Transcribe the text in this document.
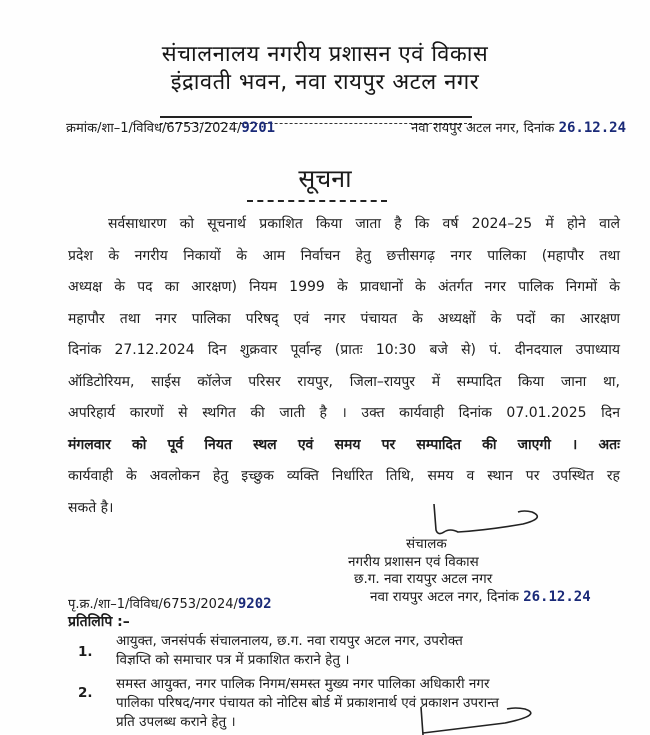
संचालनालय नगरीय प्रशासन एवं विकास
इंद्रावती भवन, नवा रायपुर अटल नगर
क्रमांक/शा–1/विविध/6753/2024/9201	नवा रायपुर अटल नगर, दिनांक 26.12.24
सूचना
सर्वसाधारण को सूचनार्थ प्रकाशित किया जाता है कि वर्ष 2024–25 में होने वाले
प्रदेश के नगरीय निकायों के आम निर्वाचन हेतु छत्तीसगढ़ नगर पालिका (महापौर तथा
अध्यक्ष के पद का आरक्षण) नियम 1999 के प्रावधानों के अंतर्गत नगर पालिक निगमों के
महापौर तथा नगर पालिका परिषद् एवं नगर पंचायत के अध्यक्षों के पदों का आरक्षण
दिनांक 27.12.2024 दिन शुक्रवार पूर्वान्ह (प्रातः 10:30 बजे से) पं. दीनदयाल उपाध्याय
ऑडिटोरियम, साईस कॉलेज परिसर रायपुर, जिला–रायपुर में सम्पादित किया जाना था,
अपरिहार्य कारणों से स्थगित की जाती है । उक्त कार्यवाही दिनांक 07.01.2025 दिन
मंगलवार को पूर्व नियत स्थल एवं समय पर सम्पादित की जाएगी । अतः
कार्यवाही के अवलोकन हेतु इच्छुक व्यक्ति निर्धारित तिथि, समय व स्थान पर उपस्थित रह
सकते है।
संचालक
नगरीय प्रशासन एवं विकास
छ.ग. नवा रायपुर अटल नगर
नवा रायपुर अटल नगर, दिनांक 26.12.24
पृ.क्र./शा–1/विविध/6753/2024/9202
प्रतिलिपि :–
1.
आयुक्त, जनसंपर्क संचालनालय, छ.ग. नवा रायपुर अटल नगर, उपरोक्त
विज्ञप्ति को समाचार पत्र में प्रकाशित कराने हेतु ।
2.
समस्त आयुक्त, नगर पालिक निगम/समस्त मुख्य नगर पालिका अधिकारी नगर
पालिका परिषद/नगर पंचायत को नोटिस बोर्ड में प्रकाशनार्थ एवं प्रकाशन उपरान्त
प्रति उपलब्ध कराने हेतु ।
